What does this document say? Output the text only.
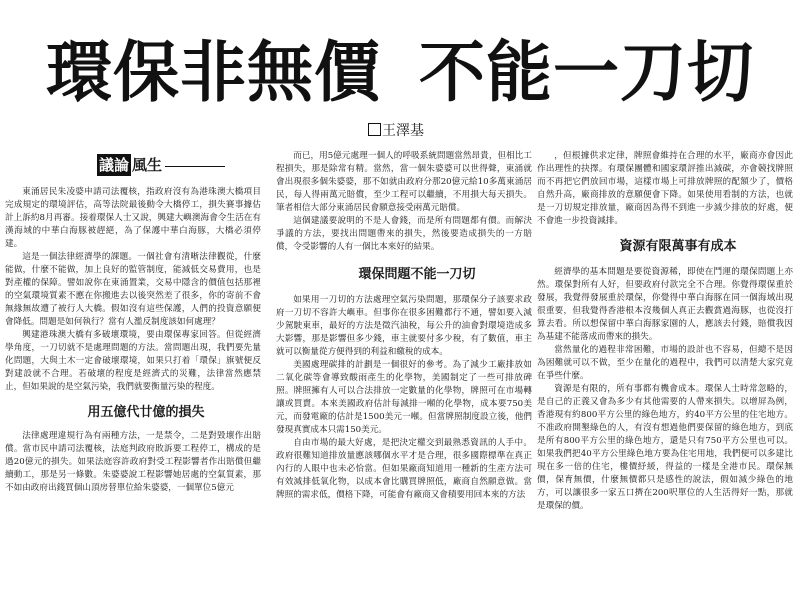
環保非無價 不能一刀切
王澤基
議論 風生

東涌居民朱凌婆申請司法覆核，指政府沒有為港珠澳大橋項目完成規定的環境評估，高等法院最後動令大橋停工，損失賽事據估計上訴約8月再審。接着環保人士又說，興建大嶼澳海會令生活在有漢海域的中華白海豚被趕絕，為了保護中華白海豚，大橋必須停建。

這是一個法律經濟學的課題。一個社會有清晰法律觀從，什麼能做，什麼不能做，加上良好的監管制度，能減低交易費用，也是對產權的保障。譬如說你在東涌置業，交易中隱含的價值包括那裡的空氣環境質素不應在你搬進去以後突然差了很多，你的寄前不會無緣無故遭了被行人大橋。假如沒有這些保護，人們的投資意願便會降低。問題是如何執行？當有人濫反制度該如何處理？

興建港珠澳大橋有多破壞環境，要由環保專家回答。但從經濟學角度，一刀切就不是處理問題的方法。當問題出現，我們要先量化問題，大與土木一定會破壞環境，如果只打着「環保」旗號便反對建設就不合理。若破壞的程度是經濟式的災難，法律當然應禁止，但如果說的是空氣污染，我們就要衡量污染的程度。

用五億代廿億的損失

法律處理違規行為有兩種方法，一是禁令，二是對毀壞作出賠償。當市民申請司法覆核，法庭判政府敗訴要工程停工，構成的是過20億元的損失。如果法庭容許政府對受工程影響者作出賠償但繼續動工，那是另一條數。朱婆婆說工程影響她居處的空氣質素，那不如由政府出錢買個山頂房替單位給朱婆婆，一個單位5億元

而已，用5億元處理一個人的呼吸系統問題當然昂貴，但相比工程損失，那是除常有精。當然，當一個朱婆婆可以世得聲，東涌就會出現很多個朱婆婆，那不如就由政府分那20億元給10多萬東涌居民，每人得兩萬元賠償，至少工程可以繼續，不用損大每天損失。筆者相信大部分東涌居民會願意接受兩萬元賠償。

這個建議要說明的不是人會錢，而是所有問題都有價。而解決爭議的方法，要找出問題帶來的損失，然後要造成損失的一方賠償，令受影響的人有一個比本來好的結果。

環保問題不能一刀切

如果用一刀切的方法處理空氣污染問題，那環保分子該要求政府一刀切不容許大嶼車。但事你在很多困難都行不通，譬如要入減少駕駛東車，最好的方法是徵汽油稅，每公升的油會對環境造成多大影響，那是影響但多少錢，車主就要付多少稅，有了數值，車主就可以衡量從方便得到的利益和繳稅的成本。

美國處理碳排的計劃是一個很好的參考。為了減少工廠排放如二氧化碳等會導致酸雨產生的化學物，美國制定了一些可排放碑照。牌照擁有人可以合法排放一定數量的化學物，牌照可在市場轉讓或買賣。本來美國政府估計每減排一噸的化學物，成本要750美元，而發電廠的估計是1500美元一噸。但當牌照制度設立後，他們發現真實成本只需150美元。

自由市場的最大好處，是把決定權交到最熟悉資訊的人手中。政府很難知道排放量應該哪個水平才是合理，很多國際標準在真正內行的人眼中也未必恰當。但如果廠商知道用一種新的生產方法可有效減排低氧化物，以成本會比購買牌照低，廠商自然願意做。當牌照的需求低，價格下降，可能會有廠商又會積要用回本來的方法

，但根據供求定律，牌照會維持在合理的水平，廠商亦會因此作出理性的抉擇。有環保團體和國家環評推出減碳，亦會競找牌照而不再把它們放回市場，這樣市場上可排放牌照的配額少了，價格自然升高，廠商排放的意願便會下降。如果使用看制的方法，也就是一刀切規定排放量，廠商因為得不到進一步減少排放的好處，便不會進一步投資減排。

資源有限萬事有成本

經濟學的基本問題是要從資源稀，即使在鬥運的環保問題上亦然。環保對所有人好，但要政府付款完全不合理。你覺得環保重於發展，我覺得發展重於環保，你覺得中華白海豚在同一個海域出現很重要，但我覺得香港根本沒幾個人真正去觀賞過海豚，也從沒打算去看。所以想保留中華白海豚家園的人，應該去付錢，賠償我因為基建不能落成而帶來的損失。

當然量化的過程非常困難，市場的設計也不容易，但總不是因為困難就可以不做，至少在量化的過程中，我們可以清楚大家究竟在爭些什麼。

資源是有限的，所有事都有機會成本。環保人士時常忽略的，是自己的正義又會為多少有其他需要的人帶來損失。以增屏為例，香港現有約800平方公里的綠色地方，約40平方公里的住宅地方。不准政府開墾綠色的人，有沒有想過他們要保留的綠色地方，到底是所有800平方公里的綠色地方，還是只有750平方公里也可以。如果我們把40平方公里綠色地方要為住宅用地，我們便可以多建比現在多一倍的住宅，樓價紓緩，得益的一樣是全港市民。環保無價，保育無價，什麼無價都只是感性的說法，假如減少綠色的地方，可以讓很多一家五口擠在200呎單位的人生活得好一點，那就是環保的價。
